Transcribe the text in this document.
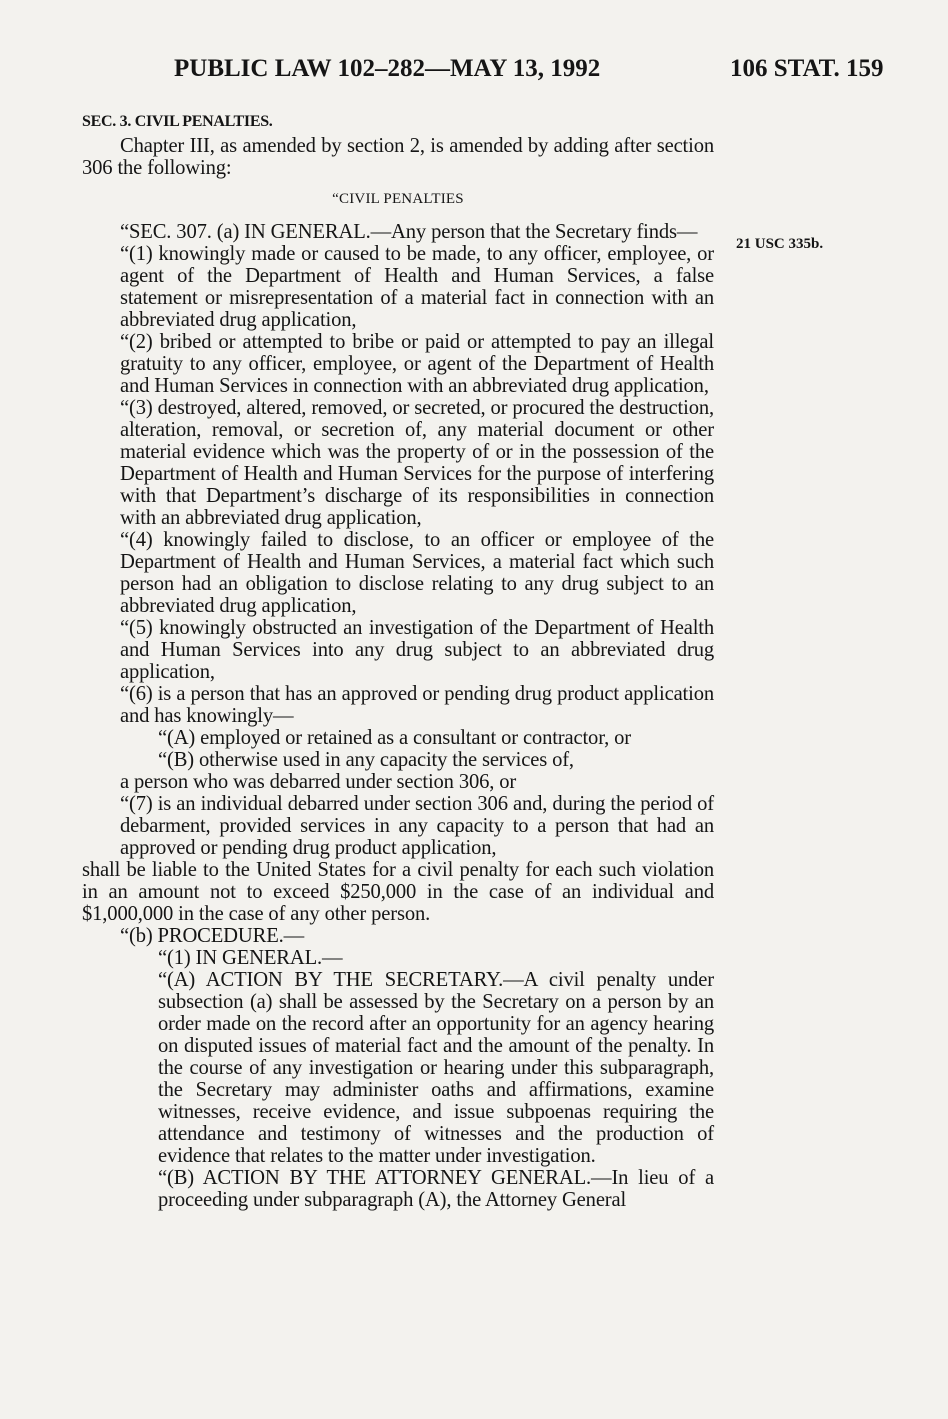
PUBLIC LAW 102–282—MAY 13, 1992	106 STAT. 159
SEC. 3. CIVIL PENALTIES.
21 USC 335b.

Chapter III, as amended by section 2, is amended by adding after section 306 the following:

“CIVIL PENALTIES

“SEC. 307. (a) IN GENERAL.—Any person that the Secretary finds—

“(1) knowingly made or caused to be made, to any officer, employee, or agent of the Department of Health and Human Services, a false statement or misrepresentation of a material fact in connection with an abbreviated drug application,

“(2) bribed or attempted to bribe or paid or attempted to pay an illegal gratuity to any officer, employee, or agent of the Department of Health and Human Services in connection with an abbreviated drug application,

“(3) destroyed, altered, removed, or secreted, or procured the destruction, alteration, removal, or secretion of, any material document or other material evidence which was the property of or in the possession of the Department of Health and Human Services for the purpose of interfering with that Department’s discharge of its responsibilities in connection with an abbreviated drug application,

“(4) knowingly failed to disclose, to an officer or employee of the Department of Health and Human Services, a material fact which such person had an obligation to disclose relating to any drug subject to an abbreviated drug application,

“(5) knowingly obstructed an investigation of the Department of Health and Human Services into any drug subject to an abbreviated drug application,

“(6) is a person that has an approved or pending drug product application and has knowingly—

“(A) employed or retained as a consultant or contractor, or

“(B) otherwise used in any capacity the services of,

a person who was debarred under section 306, or

“(7) is an individual debarred under section 306 and, during the period of debarment, provided services in any capacity to a person that had an approved or pending drug product application,

shall be liable to the United States for a civil penalty for each such violation in an amount not to exceed $250,000 in the case of an individual and $1,000,000 in the case of any other person.

“(b) PROCEDURE.—

“(1) IN GENERAL.—

“(A) ACTION BY THE SECRETARY.—A civil penalty under subsection (a) shall be assessed by the Secretary on a person by an order made on the record after an opportunity for an agency hearing on disputed issues of material fact and the amount of the penalty. In the course of any investigation or hearing under this subparagraph, the Secretary may administer oaths and affirmations, examine witnesses, receive evidence, and issue subpoenas requiring the attendance and testimony of witnesses and the production of evidence that relates to the matter under investigation.

“(B) ACTION BY THE ATTORNEY GENERAL.—In lieu of a proceeding under subparagraph (A), the Attorney General
